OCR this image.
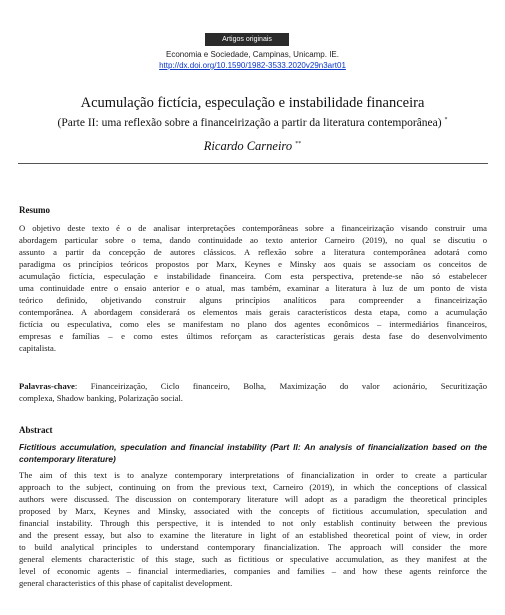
Artigos originais
Economia e Sociedade, Campinas, Unicamp. IE.
http://dx.doi.org/10.1590/1982-3533.2020v29n3art01
Acumulação fictícia, especulação e instabilidade financeira
(Parte II: uma reflexão sobre a financeirização a partir da literatura contemporânea) *
Ricardo Carneiro **
Resumo
O objetivo deste texto é o de analisar interpretações contemporâneas sobre a financeirização visando construir uma
abordagem particular sobre o tema, dando continuidade ao texto anterior Carneiro (2019), no qual se discutiu o
assunto a partir da concepção de autores clássicos. A reflexão sobre a literatura contemporânea adotará como
paradigma os princípios teóricos propostos por Marx, Keynes e Minsky aos quais se associam os conceitos de
acumulação fictícia, especulação e instabilidade financeira. Com esta perspectiva, pretende-se não só estabelecer
uma continuidade entre o ensaio anterior e o atual, mas também, examinar a literatura à luz de um ponto de vista
teórico definido, objetivando construir alguns princípios analíticos para compreender a financeirização
contemporânea. A abordagem considerará os elementos mais gerais característicos desta etapa, como a acumulação
fictícia ou especulativa, como eles se manifestam no plano dos agentes econômicos – intermediários financeiros,
empresas e famílias – e como estes últimos reforçam as características gerais desta fase do desenvolvimento
capitalista.
Palavras-chave: Financeirização, Ciclo financeiro, Bolha, Maximização do valor acionário, Securitização
complexa, Shadow banking, Polarização social.
Abstract
Fictitious accumulation, speculation and financial instability (Part II: An analysis of financialization based on the
contemporary literature)
The aim of this text is to analyze contemporary interpretations of financialization in order to create a particular
approach to the subject, continuing on from the previous text, Carneiro (2019), in which the conceptions of classical
authors were discussed. The discussion on contemporary literature will adopt as a paradigm the theoretical principles
proposed by Marx, Keynes and Minsky, associated with the concepts of fictitious accumulation, speculation and
financial instability. Through this perspective, it is intended to not only establish continuity between the previous
and the present essay, but also to examine the literature in light of an established theoretical point of view, in order
to build analytical principles to understand contemporary financialization. The approach will consider the more
general elements characteristic of this stage, such as fictitious or speculative accumulation, as they manifest at the
level of economic agents – financial intermediaries, companies and families – and how these agents reinforce the
general characteristics of this phase of capitalist development.
